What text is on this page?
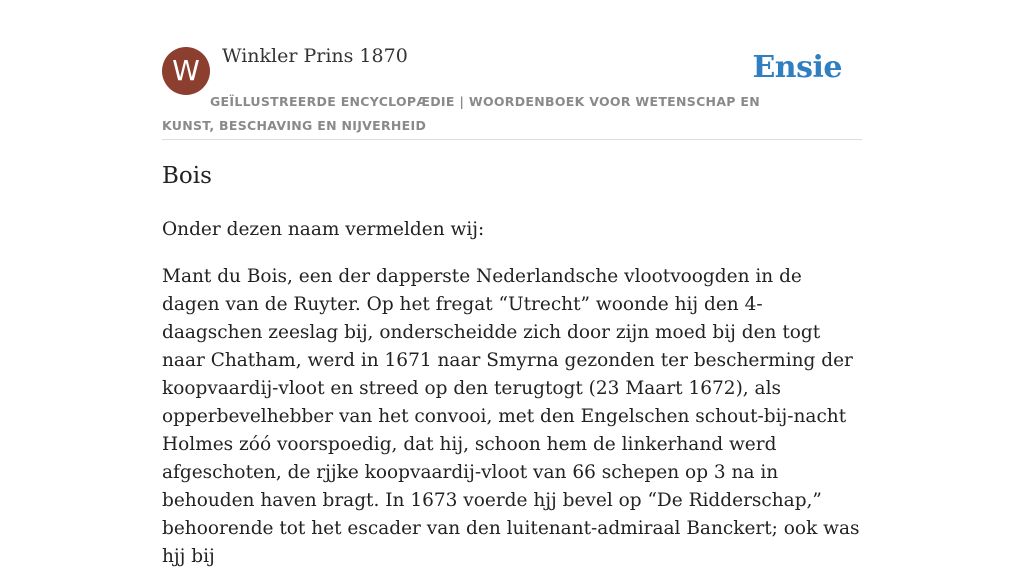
W	Winkler Prins 1870	Ensie
GEÏLLUSTREERDE ENCYCLOPÆDIE | WOORDENBOEK VOOR WETENSCHAP EN KUNST, BESCHAVING EN NIJVERHEID
Bois

Onder dezen naam vermelden wij:

Mant du Bois, een der dapperste Nederlandsche vlootvoogden in de dagen van de Ruyter. Op het fregat “Utrecht” woonde hij den 4-daagschen zeeslag bij, onderscheidde zich door zijn moed bij den togt naar Chatham, werd in 1671 naar Smyrna gezonden ter bescherming der koopvaardij-vloot en streed op den terugtogt (23 Maart 1672), als opperbevelhebber van het convooi, met den Engelschen schout-bij-nacht Holmes zóó voorspoedig, dat hij, schoon hem de linkerhand werd afgeschoten, de rjjke koopvaardij-vloot van 66 schepen op 3 na in behouden haven bragt. In 1673 voerde hjj bevel op “De Ridderschap,” behoorende tot het escader van den luitenant-admiraal Banckert; ook was hjj bij
